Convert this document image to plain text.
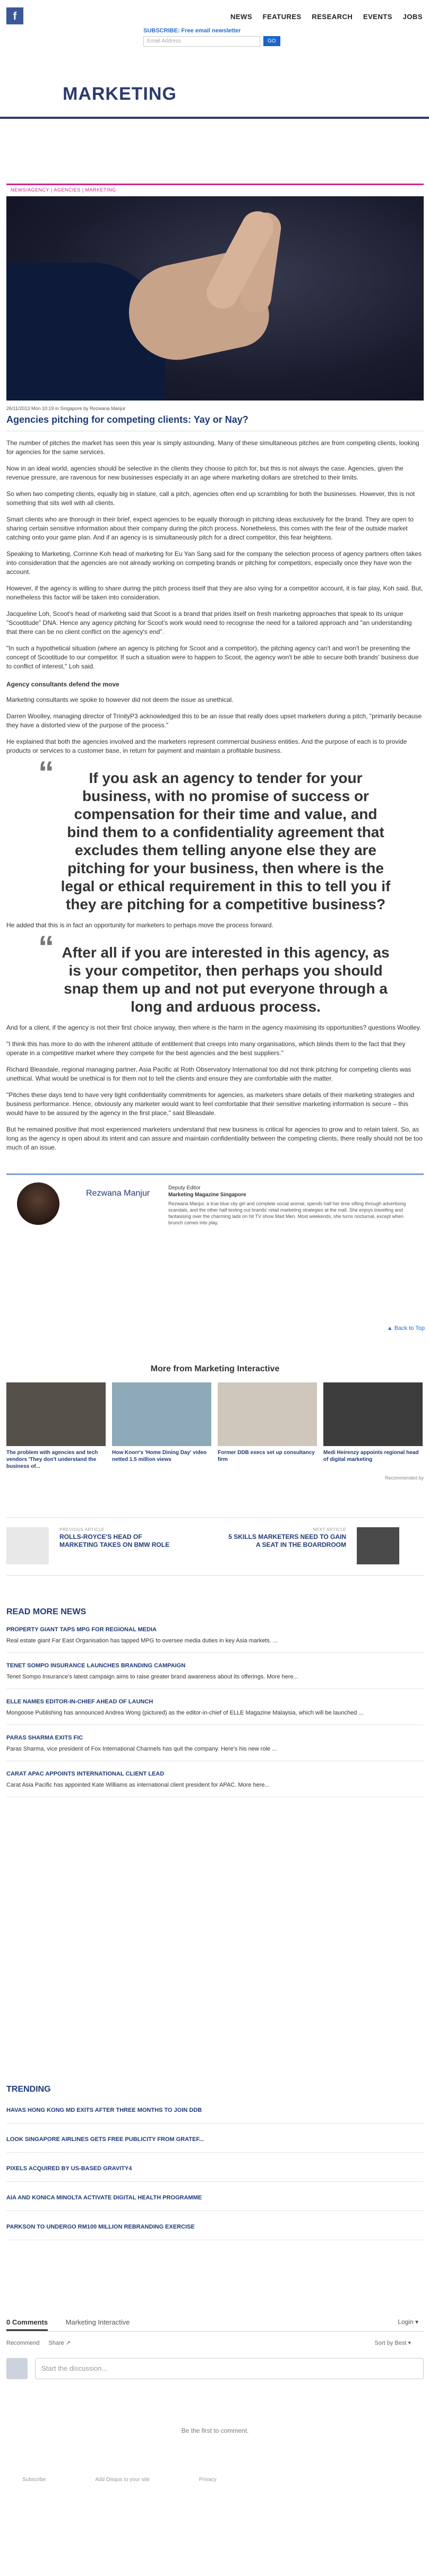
f
SUBSCRIBE: Free email newsletter
Email Address	GO
NEWS FEATURES RESEARCH EVENTS JOBS
MARKETING
NEWS/AGENCY | AGENCIES | MARKETING
26/11/2013 Mon 10:19 in Singapore by Rezwana Manjur
Agencies pitching for competing clients: Yay or Nay?

The number of pitches the market has seen this year is simply astounding. Many of these simultaneous pitches are from competing clients, looking for agencies for the same services.

Now in an ideal world, agencies should be selective in the clients they choose to pitch for, but this is not always the case. Agencies, given the revenue pressure, are ravenous for new businesses especially in an age where marketing dollars are stretched to their limits.

So when two competing clients, equally big in stature, call a pitch, agencies often end up scrambling for both the businesses. However, this is not something that sits well with all clients.

Smart clients who are thorough in their brief, expect agencies to be equally thorough in pitching ideas exclusively for the brand. They are open to sharing certain sensitive information about their company during the pitch process. Nonetheless, this comes with the fear of the outside market catching onto your game plan. And if an agency is is simultaneously pitch for a direct competitor, this fear heightens.

Speaking to Marketing, Corrinne Koh head of marketing for Eu Yan Sang said for the company the selection process of agency partners often takes into consideration that the agencies are not already working on competing brands or pitching for competitors, especially once they have won the account.

However, if the agency is willing to share during the pitch process itself that they are also vying for a competitor account, it is fair play, Koh said. But, nonetheless this factor will be taken into consideration.

Jacqueline Loh, Scoot's head of marketing said that Scoot is a brand that prides itself on fresh marketing approaches that speak to its unique "Scootitude" DNA. Hence any agency pitching for Scoot's work would need to recognise the need for a tailored approach and "an understanding that there can be no client conflict on the agency's end".

"In such a hypothetical situation (where an agency is pitching for Scoot and a competitor), the pitching agency can't and won't be presenting the concept of Scootitude to our competitor. If such a situation were to happen to Scoot, the agency won't be able to secure both brands' business due to conflict of interest," Loh said.

Agency consultants defend the move

Marketing consultants we spoke to however did not deem the issue as unethical.

Darren Woolley, managing director of TrinityP3 acknowledged this to be an issue that really does upset marketers during a pitch, "primarily because they have a distorted view of the purpose of the process."

He explained that both the agencies involved and the marketers represent commercial business entities. And the purpose of each is to provide products or services to a customer base, in return for payment and maintain a profitable business.

“ If you ask an agency to tender for your business, with no promise of success or compensation for their time and value, and bind them to a confidentiality agreement that excludes them telling anyone else they are pitching for your business, then where is the legal or ethical requirement in this to tell you if they are pitching for a competitive business?

He added that this is in fact an opportunity for marketers to perhaps move the process forward.

“ After all if you are interested in this agency, as is your competitor, then perhaps you should snap them up and not put everyone through a long and arduous process.

And for a client, if the agency is not their first choice anyway, then where is the harm in the agency maximising its opportunities? questions Woolley.

"I think this has more to do with the inherent attitude of entitlement that creeps into many organisations, which blinds them to the fact that they operate in a competitive market where they compete for the best agencies and the best suppliers."

Richard Bleasdale, regional managing partner, Asia Pacific at Roth Observatory International too did not think pitching for competing clients was unethical. What would be unethical is for them not to tell the clients and ensure they are comfortable with the matter.

"Pitches these days tend to have very tight confidentiality commitments for agencies, as marketers share details of their marketing strategies and business performance. Hence, obviously any marketer would want to feel comfortable that their sensitive marketing information is secure – this would have to be assured by the agency in the first place," said Bleasdale.

But he remained positive that most experienced marketers understand that new business is critical for agencies to grow and to retain talent. So, as long as the agency is open about its intent and can assure and maintain confidentiality between the competing clients, there really should not be too much of an issue.

Rezwana Manjur
Deputy Editor
Marketing Magazine Singapore
Rezwana Manjur, a true blue city girl and complete social animal, spends half her time sifting through advertising scandals, and the other half testing out brands' retail marketing strategies at the mall. She enjoys travelling and fantasising over the charming lads on hit TV show Mad Men. Most weekends, she turns nocturnal, except when brunch comes into play.
▲ Back to Top
More from Marketing Interactive
The problem with agencies and tech vendors 'They don't understand the business of...
How Knorr's 'Home Dining Day' video netted 1.5 million views
Former DDB execs set up consultancy firm
Medi Heirenzy appoints regional head of digital marketing
Recommended by
PREVIOUS ARTICLE
ROLLS-ROYCE'S HEAD OF MARKETING TAKES ON BMW ROLE
NEXT ARTICLE
5 SKILLS MARKETERS NEED TO GAIN A SEAT IN THE BOARDROOM
READ MORE NEWS
PROPERTY GIANT TAPS MPG FOR REGIONAL MEDIA
Real estate giant Far East Organisation has tapped MPG to oversee media duties in key Asia markets. ...
TENET SOMPO INSURANCE LAUNCHES BRANDING CAMPAIGN
Tenet Sompo Insurance's latest campaign aims to raise greater brand awareness about its offerings. More here...
ELLE NAMES EDITOR-IN-CHIEF AHEAD OF LAUNCH
Mongoose Publishing has announced Andrea Wong (pictured) as the editor-in-chief of ELLE Magazine Malaysia, which will be launched ...
PARAS SHARMA EXITS FIC
Paras Sharma, vice president of Fox International Channels has quit the company. Here's his new role ...
CARAT APAC APPOINTS INTERNATIONAL CLIENT LEAD
Carat Asia Pacific has appointed Kate Williams as international client president for APAC. More here...
TRENDING
HAVAS HONG KONG MD EXITS AFTER THREE MONTHS TO JOIN DDB
LOOK SINGAPORE AIRLINES GETS FREE PUBLICITY FROM GRATEF...
PIXELS ACQUIRED BY US-BASED GRAVITY4
AIA AND KONICA MINOLTA ACTIVATE DIGITAL HEALTH PROGRAMME
PARKSON TO UNDERGO RM100 MILLION REBRANDING EXERCISE
0 Comments	Marketing Interactive	Login ▾
Recommend Share ↗	Sort by Best ▾
Start the discussion...
Be the first to comment.
Subscribe	Add Disqus to your site	Privacy
